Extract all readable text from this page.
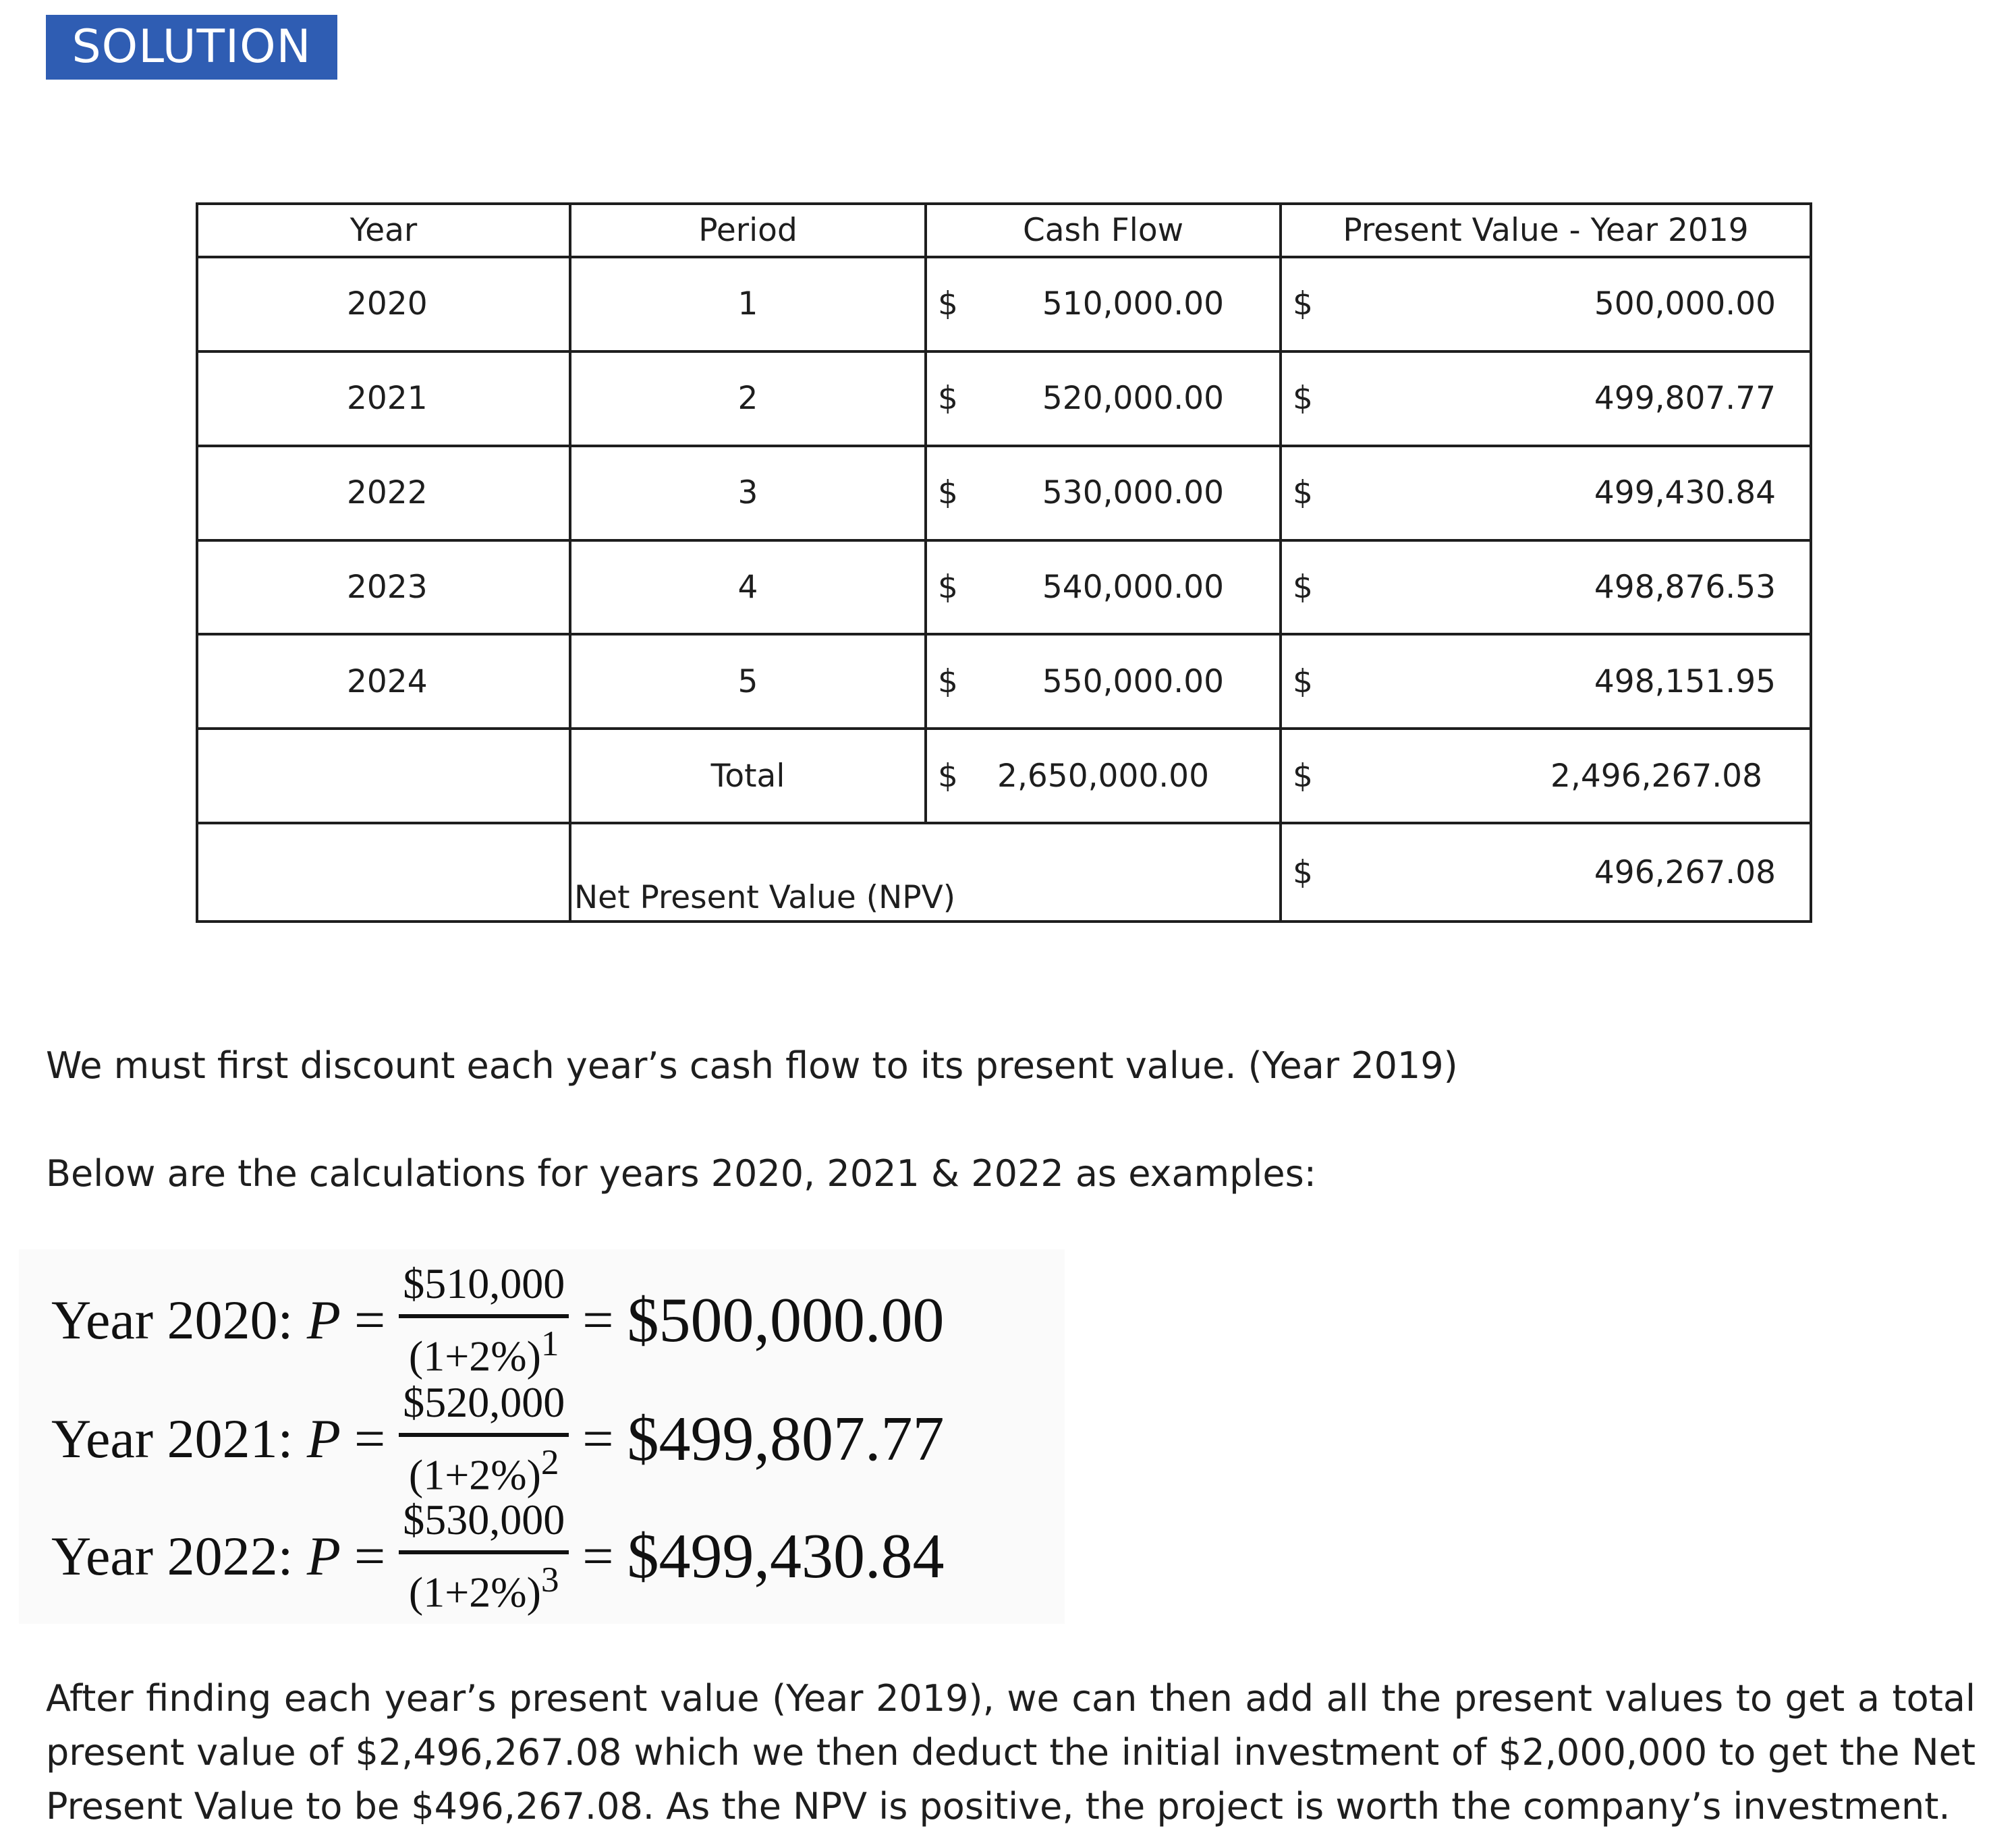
SOLUTION
Year	Period	Cash Flow	Present Value - Year 2019
2020	1	$ 510,000.00	$ 500,000.00

2021	2	$ 520,000.00	$ 499,807.77

2022	3	$ 530,000.00	$ 499,430.84

2023	4	$ 540,000.00	$ 498,876.53

2024	5	$ 550,000.00	$ 498,151.95

	Total	$ 2,650,000.00	$ 2,496,267.08

	Net Present Value (NPV)		$ 496,267.08
We must first discount each year’s cash flow to its present value. (Year 2019)
Below are the calculations for years 2020, 2021 & 2022 as examples:
Year 2020: $P = \frac{\$510,000}{(1+2\%)^1}$ = $500,000.00
Year 2021: $P = \frac{\$520,000}{(1+2\%)^2}$ = $499,807.77
Year 2022: $P = \frac{\$530,000}{(1+2\%)^3}$ = $499,430.84
After finding each year’s present value (Year 2019), we can then add all the present values to get a total present value of $2,496,267.08 which we then deduct the initial investment of $2,000,000 to get the Net Present Value to be $496,267.08. As the NPV is positive, the project is worth the company’s investment.
